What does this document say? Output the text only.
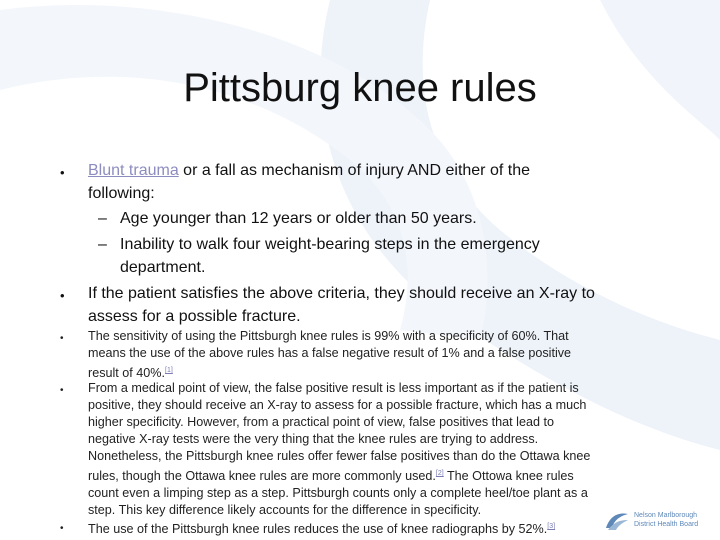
Pittsburg knee rules
• Blunt trauma or a fall as mechanism of injury AND either of the
following:
– Age younger than 12 years or older than 50 years.
– Inability to walk four weight-bearing steps in the emergency
department.
• If the patient satisfies the above criteria, they should receive an X-ray to
assess for a possible fracture.
• The sensitivity of using the Pittsburgh knee rules is 99% with a specificity of 60%. That
means the use of the above rules has a false negative result of 1% and a false positive
result of 40%.[1]
• From a medical point of view, the false positive result is less important as if the patient is
positive, they should receive an X-ray to assess for a possible fracture, which has a much
higher specificity. However, from a practical point of view, false positives that lead to
negative X-ray tests were the very thing that the knee rules are trying to address.
Nonetheless, the Pittsburgh knee rules offer fewer false positives than do the Ottawa knee
rules, though the Ottawa knee rules are more commonly used.[2] The Ottowa knee rules
count even a limping step as a step. Pittsburgh counts only a complete heel/toe plant as a
step. This key difference likely accounts for the difference in specificity.
• The use of the Pittsburgh knee rules reduces the use of knee radiographs by 52%.[3]
Nelson Marlborough
District Health Board
